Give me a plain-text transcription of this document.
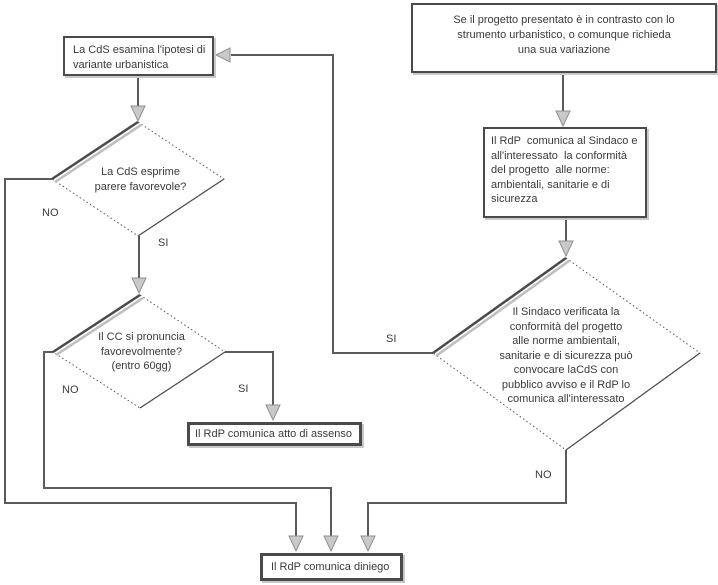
Se il progetto presentato è in contrasto con lo
strumento urbanistico, o comunque richieda
una sua variazione
La CdS esamina l'ipotesi di
variante urbanistica
Il RdP  comunica al Sindaco e
all'interessato  la conformità
del progetto  alle norme:
ambientali, sanitarie e di
sicurezza
Il RdP comunica atto di assenso
Il RdP comunica diniego
La CdS esprime
parere favorevole?
Il CC si pronuncia
favorevolmente?
(entro 60gg)
Il Sindaco verificata la
conformità del progetto
alle norme ambientali,
sanitarie e di sicurezza può
convocare laCdS con
pubblico avviso e il RdP lo
comunica all'interessato
NO
SI
NO	SI
SI
NO
